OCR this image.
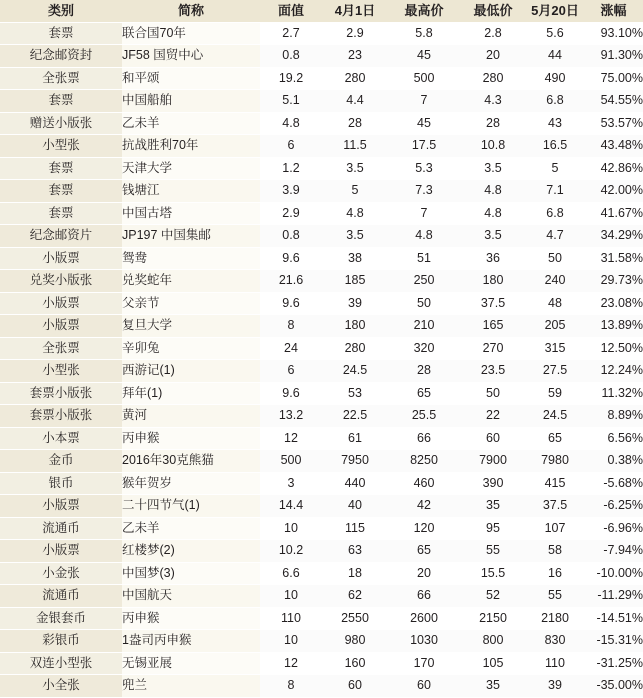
类别	简称	面值	4月1日	最高价	最低价	5月20日	涨幅
套票	联合国70年	2.7	2.9	5.8	2.8	5.6	93.10%
纪念邮资封	JF58 国贸中心	0.8	23	45	20	44	91.30%
全张票	和平颂	19.2	280	500	280	490	75.00%
套票	中国船舶	5.1	4.4	7	4.3	6.8	54.55%
赠送小版张	乙未羊	4.8	28	45	28	43	53.57%
小型张	抗战胜利70年	6	11.5	17.5	10.8	16.5	43.48%
套票	天津大学	1.2	3.5	5.3	3.5	5	42.86%
套票	钱塘江	3.9	5	7.3	4.8	7.1	42.00%
套票	中国古塔	2.9	4.8	7	4.8	6.8	41.67%
纪念邮资片	JP197 中国集邮	0.8	3.5	4.8	3.5	4.7	34.29%
小版票	鸳鸯	9.6	38	51	36	50	31.58%
兑奖小版张	兑奖蛇年	21.6	185	250	180	240	29.73%
小版票	父亲节	9.6	39	50	37.5	48	23.08%
小版票	复旦大学	8	180	210	165	205	13.89%
全张票	辛卯兔	24	280	320	270	315	12.50%
小型张	西游记(1)	6	24.5	28	23.5	27.5	12.24%
套票小版张	拜年(1)	9.6	53	65	50	59	11.32%
套票小版张	黄河	13.2	22.5	25.5	22	24.5	8.89%
小本票	丙申猴	12	61	66	60	65	6.56%
金币	2016年30克熊猫	500	7950	8250	7900	7980	0.38%
银币	猴年贺岁	3	440	460	390	415	-5.68%
小版票	二十四节气(1)	14.4	40	42	35	37.5	-6.25%
流通币	乙未羊	10	115	120	95	107	-6.96%
小版票	红楼梦(2)	10.2	63	65	55	58	-7.94%
小金张	中国梦(3)	6.6	18	20	15.5	16	-10.00%
流通币	中国航天	10	62	66	52	55	-11.29%
金银套币	丙申猴	110	2550	2600	2150	2180	-14.51%
彩银币	1盎司丙申猴	10	980	1030	800	830	-15.31%
双连小型张	无锡亚展	12	160	170	105	110	-31.25%
小全张	兜兰	8	60	60	35	39	-35.00%
